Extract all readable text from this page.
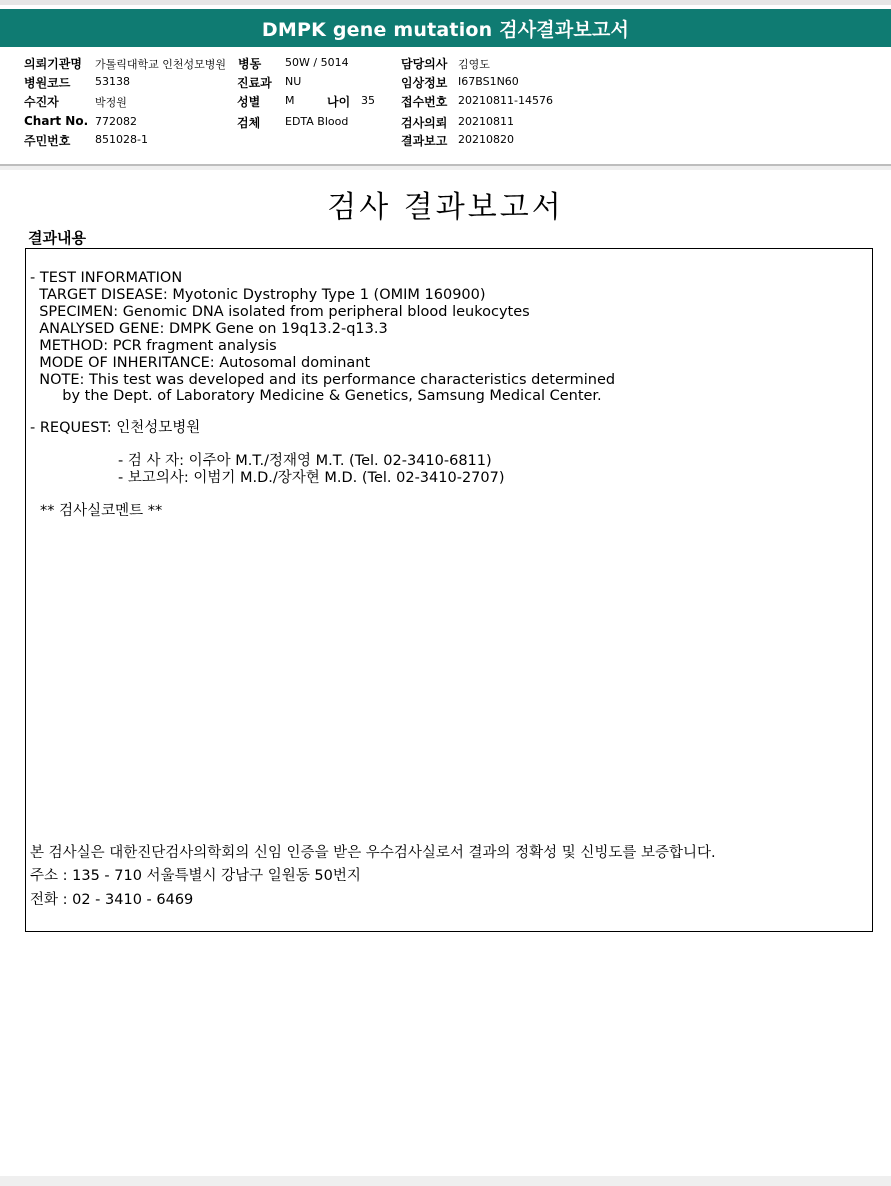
DMPK gene mutation 검사결과보고서
의뢰기관명 가톨릭대학교 인천성모병원 병동 50W / 5014	담당의사 김영도
병원코드 53138	진료과 NU	임상정보 I67BS1N60
수진자	박정원	성별 M	나이 35 접수번호 20210811-14576
Chart No. 772082	검체 EDTA Blood	검사의뢰 20210811
주민번호 851028-1	결과보고 20210820
검사 결과보고서
결과내용
- TEST INFORMATION
TARGET DISEASE: Myotonic Dystrophy Type 1 (OMIM 160900)
SPECIMEN: Genomic DNA isolated from peripheral blood leukocytes
ANALYSED GENE: DMPK Gene on 19q13.2-q13.3
METHOD: PCR fragment analysis
MODE OF INHERITANCE: Autosomal dominant
NOTE: This test was developed and its performance characteristics determined
by the Dept. of Laboratory Medicine & Genetics, Samsung Medical Center.
- REQUEST: 인천성모병원
- 검 사 자: 이주아 M.T./정재영 M.T. (Tel. 02-3410-6811)
- 보고의사: 이범기 M.D./장자현 M.D. (Tel. 02-3410-2707)
** 검사실코멘트 **
본 검사실은 대한진단검사의학회의 신임 인증을 받은 우수검사실로서 결과의 정확성 및 신빙도를 보증합니다.
주소 : 135 - 710 서울특별시 강남구 일원동 50번지
전화 : 02 - 3410 - 6469
